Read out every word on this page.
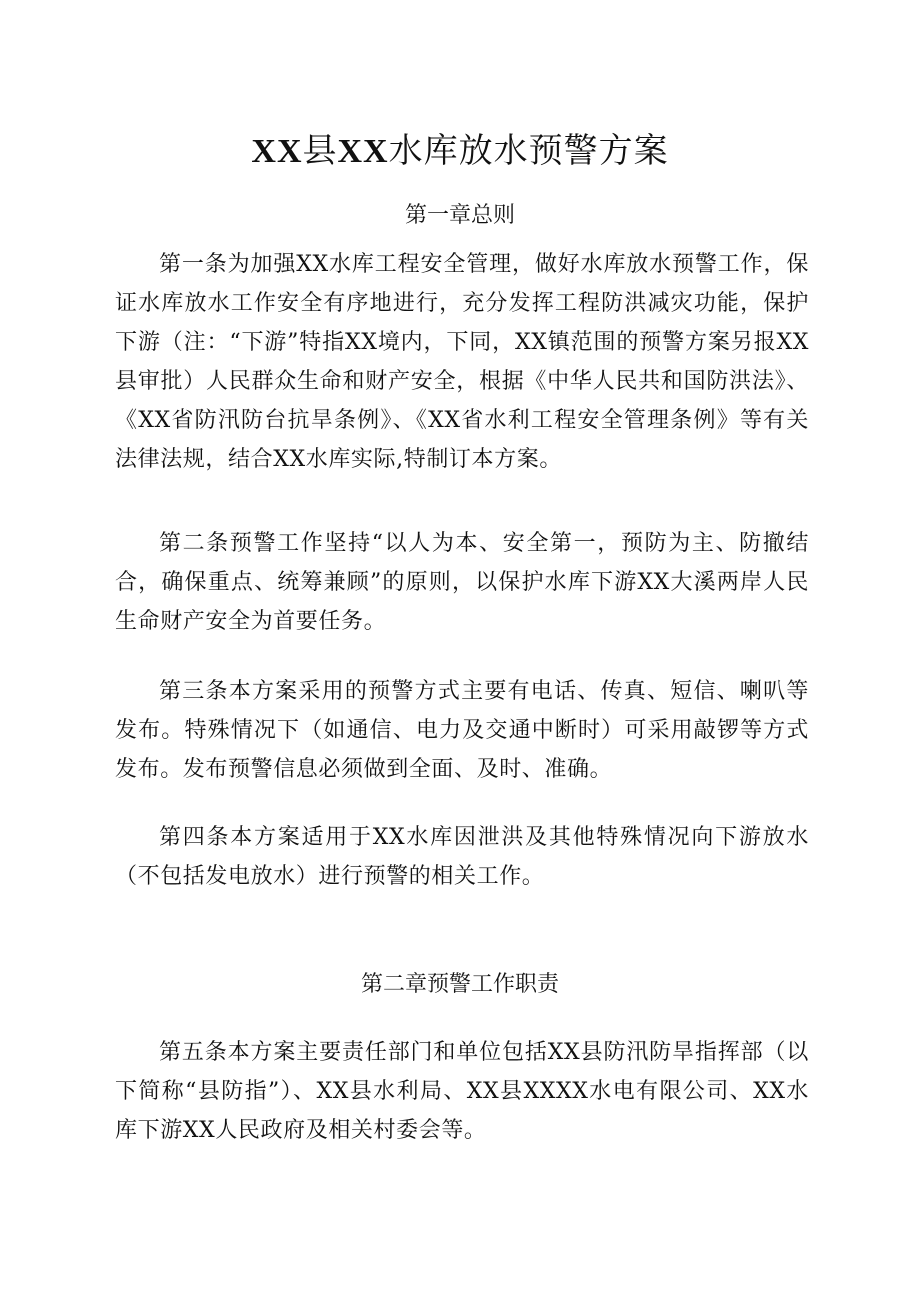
XX县XX水库放水预警方案
第一章总则

第一条为加强XX水库工程安全管理，做好水库放水预警工作，保证水库放水工作安全有序地进行，充分发挥工程防洪减灾功能，保护下游（注：“下游”特指XX境内，下同，XX镇范围的预警方案另报XX县审批）人民群众生命和财产安全，根据《中华人民共和国防洪法》、《XX省防汛防台抗旱条例》、《XX省水利工程安全管理条例》等有关法律法规，结合XX水库实际,特制订本方案。

第二条预警工作坚持“以人为本、安全第一，预防为主、防撤结合，确保重点、统筹兼顾”的原则，以保护水库下游XX大溪两岸人民生命财产安全为首要任务。

第三条本方案采用的预警方式主要有电话、传真、短信、喇叭等发布。特殊情况下（如通信、电力及交通中断时）可采用敲锣等方式发布。发布预警信息必须做到全面、及时、准确。

第四条本方案适用于XX水库因泄洪及其他特殊情况向下游放水（不包括发电放水）进行预警的相关工作。

第二章预警工作职责

第五条本方案主要责任部门和单位包括XX县防汛防旱指挥部（以下简称“县防指”）、XX县水利局、XX县XXXX水电有限公司、XX水库下游XX人民政府及相关村委会等。
